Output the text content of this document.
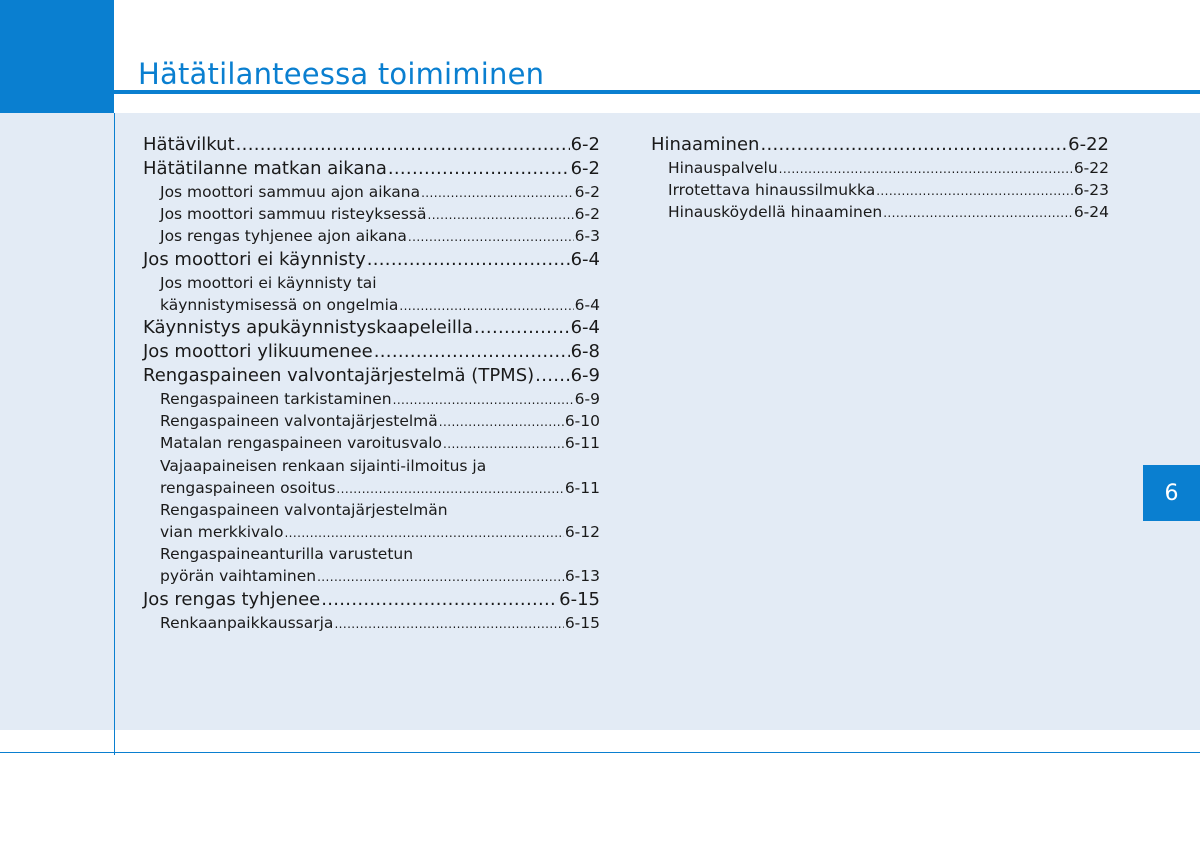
Hätätilanteessa toimiminen
6
Hätävilkut .....	6-2
Hätätilanne matkan aikana .....	6-2
Jos moottori sammuu ajon aikana .....	6-2
Jos moottori sammuu risteyksessä .....	6-2
Jos rengas tyhjenee ajon aikana .....	6-3
Jos moottori ei käynnisty .....	6-4
Jos moottori ei käynnisty tai
käynnistymisessä on ongelmia .....	6-4
Käynnistys apukäynnistyskaapeleilla .....	6-4
Jos moottori ylikuumenee .....	6-8
Rengaspaineen valvontajärjestelmä (TPMS) ..... 6-9
Rengaspaineen tarkistaminen .....	6-9
Rengaspaineen valvontajärjestelmä .....	6-10
Matalan rengaspaineen varoitusvalo .....	6-11
Vajaapaineisen renkaan sijainti-ilmoitus ja
rengaspaineen osoitus .....	6-11
Rengaspaineen valvontajärjestelmän
vian merkkivalo .....	6-12
Rengaspaineanturilla varustetun
pyörän vaihtaminen .....	6-13
Jos rengas tyhjenee .....	6-15
Renkaanpaikkaussarja .....	6-15
Hinaaminen .....	6-22
Hinauspalvelu .....	6-22
Irrotettava hinaussilmukka .....	6-23
Hinausköydellä hinaaminen .....	6-24
